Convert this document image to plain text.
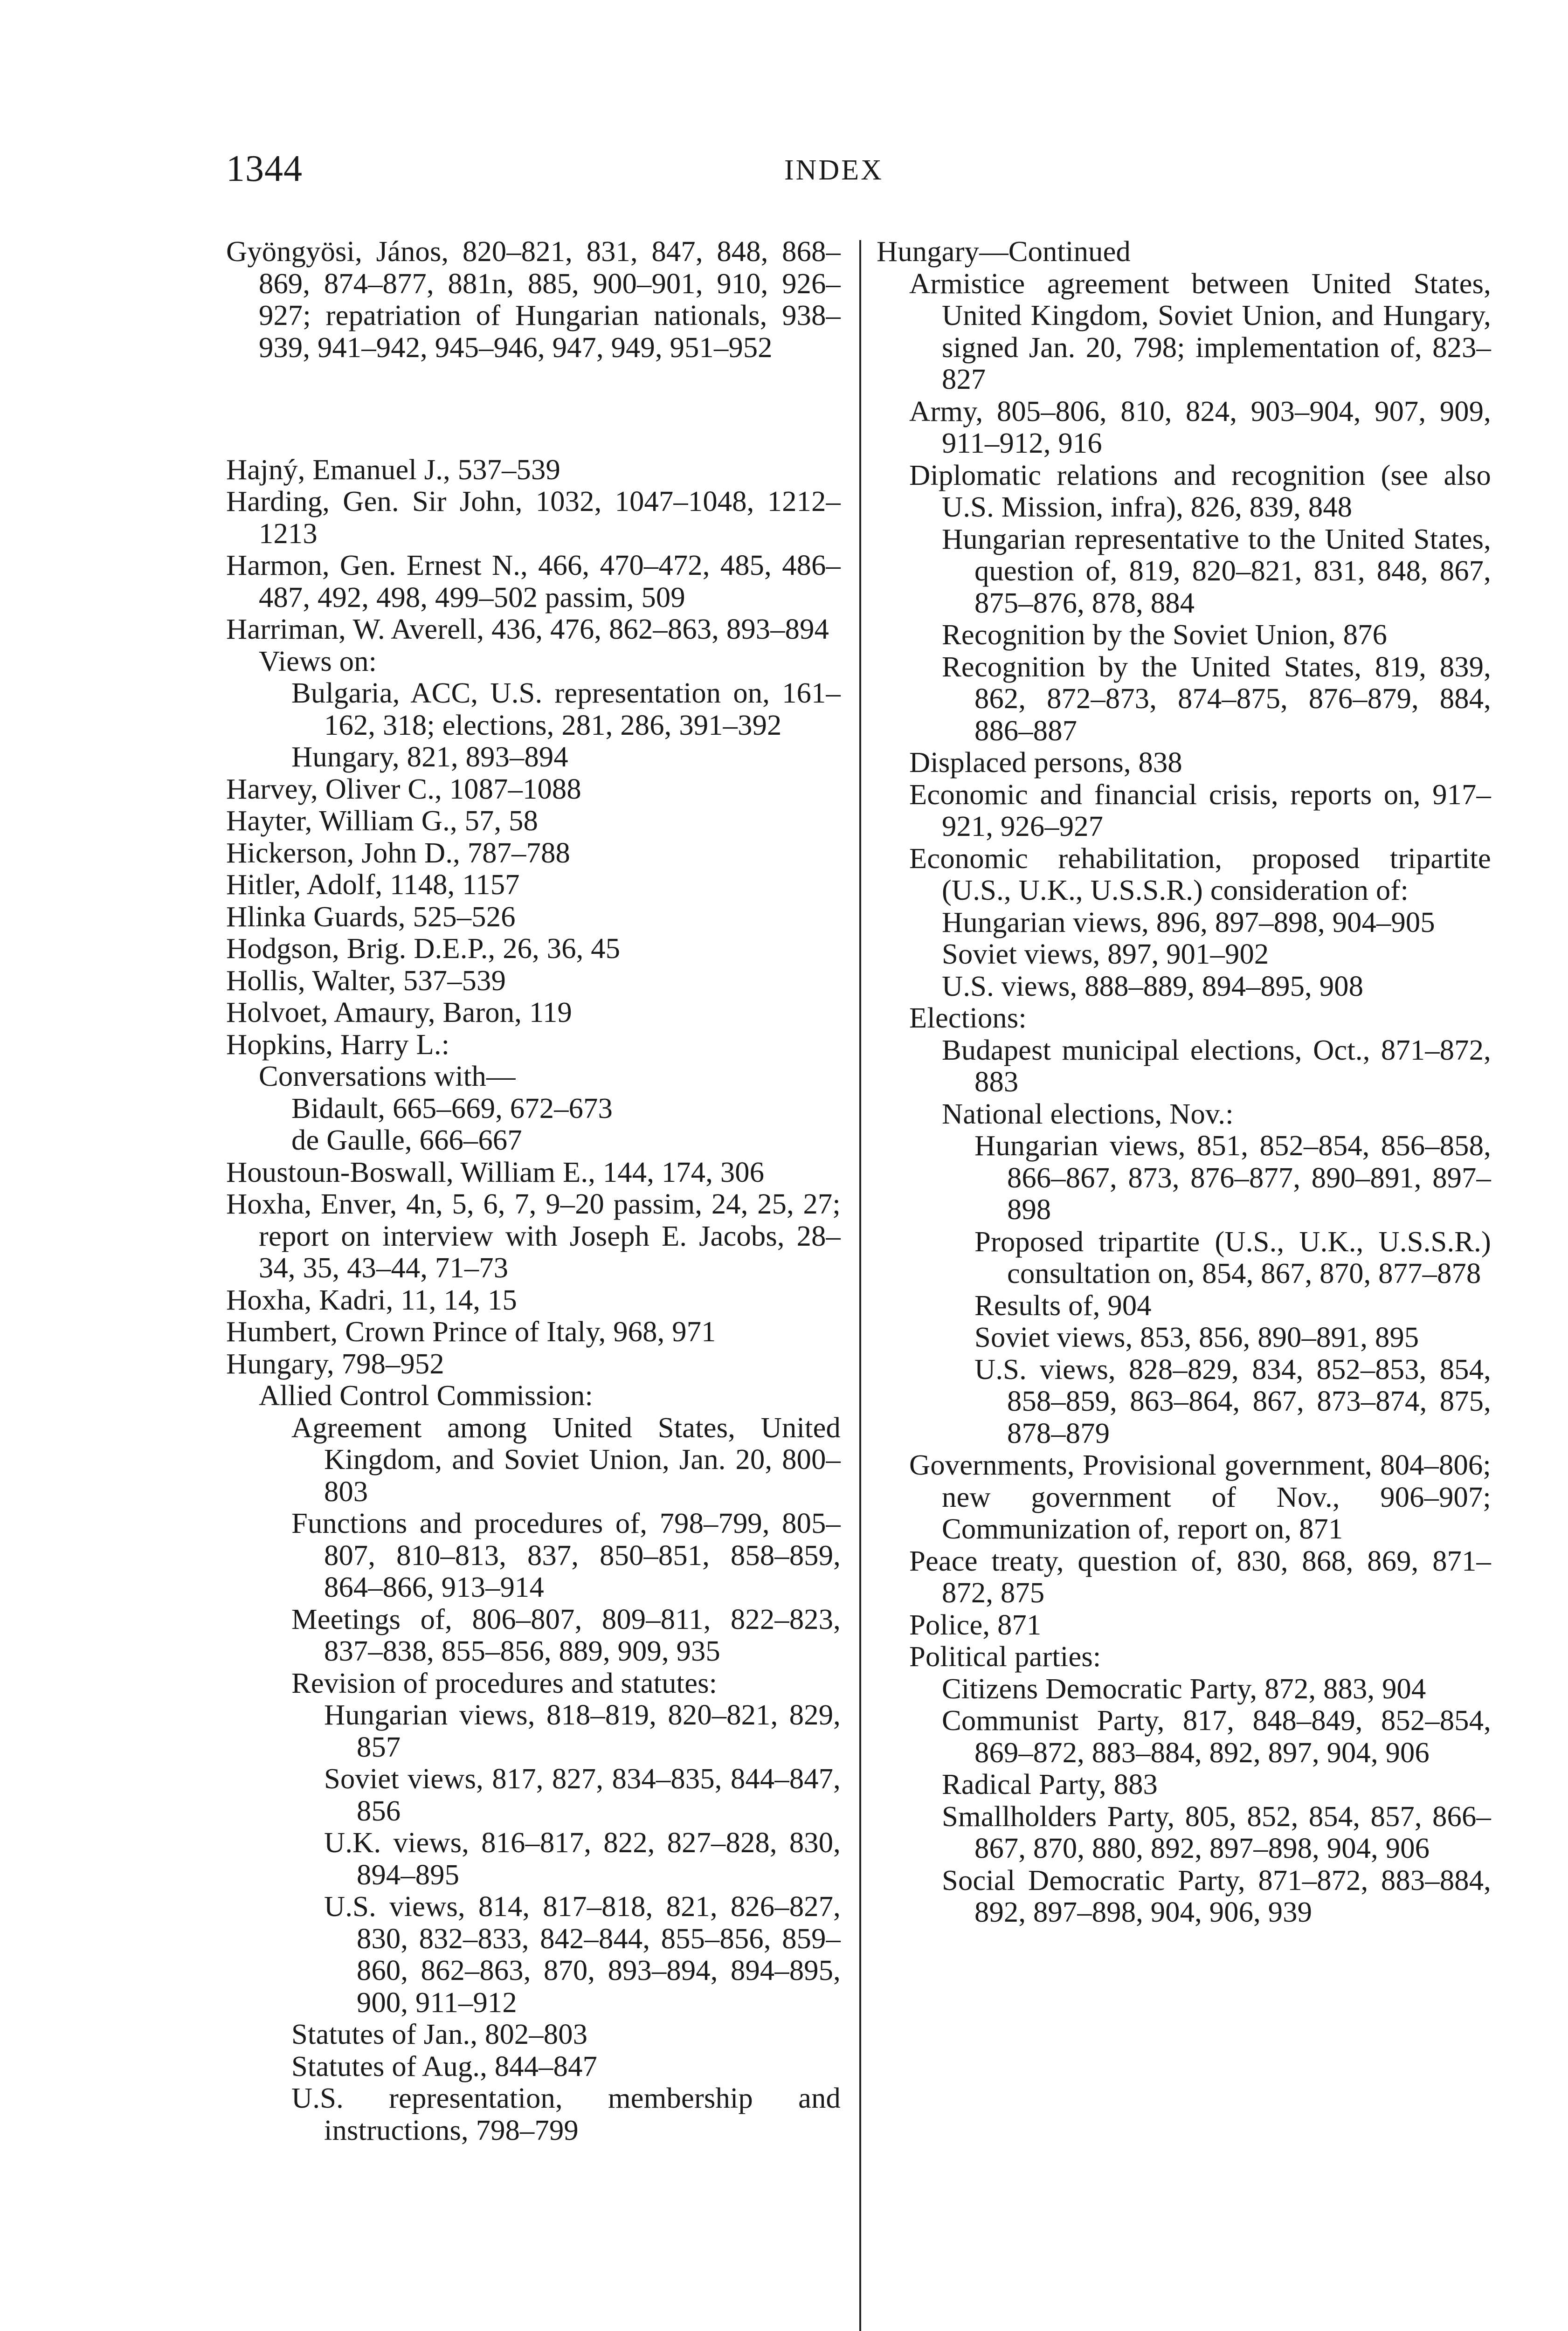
1344	INDEX

Gyöngyösi, János, 820–821, 831, 847, 848, 868–869, 874–877, 881n, 885, 900–901, 910, 926–927; repatriation of Hungarian nationals, 938–939, 941–942, 945–946, 947, 949, 951–952

Hajný, Emanuel J., 537–539

Harding, Gen. Sir John, 1032, 1047–1048, 1212–1213

Harmon, Gen. Ernest N., 466, 470–472, 485, 486–487, 492, 498, 499–502 passim, 509

Harriman, W. Averell, 436, 476, 862–863, 893–894

Views on:

Bulgaria, ACC, U.S. representation on, 161–162, 318; elections, 281, 286, 391–392

Hungary, 821, 893–894

Harvey, Oliver C., 1087–1088

Hayter, William G., 57, 58

Hickerson, John D., 787–788

Hitler, Adolf, 1148, 1157

Hlinka Guards, 525–526

Hodgson, Brig. D.E.P., 26, 36, 45

Hollis, Walter, 537–539

Holvoet, Amaury, Baron, 119

Hopkins, Harry L.:

Conversations with—

Bidault, 665–669, 672–673

de Gaulle, 666–667

Houstoun-Boswall, William E., 144, 174, 306

Hoxha, Enver, 4n, 5, 6, 7, 9–20 passim, 24, 25, 27; report on interview with Joseph E. Jacobs, 28–34, 35, 43–44, 71–73

Hoxha, Kadri, 11, 14, 15

Humbert, Crown Prince of Italy, 968, 971

Hungary, 798–952

Allied Control Commission:

Agreement among United States, United Kingdom, and Soviet Union, Jan. 20, 800–803

Functions and procedures of, 798–799, 805–807, 810–813, 837, 850–851, 858–859, 864–866, 913–914

Meetings of, 806–807, 809–811, 822–823, 837–838, 855–856, 889, 909, 935

Revision of procedures and statutes:

Hungarian views, 818–819, 820–821, 829, 857

Soviet views, 817, 827, 834–835, 844–847, 856

U.K. views, 816–817, 822, 827–828, 830, 894–895

U.S. views, 814, 817–818, 821, 826–827, 830, 832–833, 842–844, 855–856, 859–860, 862–863, 870, 893–894, 894–895, 900, 911–912

Statutes of Jan., 802–803

Statutes of Aug., 844–847

U.S. representation, membership and instructions, 798–799

Hungary—Continued

Armistice agreement between United States, United Kingdom, Soviet Union, and Hungary, signed Jan. 20, 798; implementation of, 823–827

Army, 805–806, 810, 824, 903–904, 907, 909, 911–912, 916

Diplomatic relations and recognition (see also U.S. Mission, infra), 826, 839, 848

Hungarian representative to the United States, question of, 819, 820–821, 831, 848, 867, 875–876, 878, 884

Recognition by the Soviet Union, 876

Recognition by the United States, 819, 839, 862, 872–873, 874–875, 876–879, 884, 886–887

Displaced persons, 838

Economic and financial crisis, reports on, 917–921, 926–927

Economic rehabilitation, proposed tripartite (U.S., U.K., U.S.S.R.) consideration of:

Hungarian views, 896, 897–898, 904–905

Soviet views, 897, 901–902

U.S. views, 888–889, 894–895, 908

Elections:

Budapest municipal elections, Oct., 871–872, 883

National elections, Nov.:

Hungarian views, 851, 852–854, 856–858, 866–867, 873, 876–877, 890–891, 897–898

Proposed tripartite (U.S., U.K., U.S.S.R.) consultation on, 854, 867, 870, 877–878

Results of, 904

Soviet views, 853, 856, 890–891, 895

U.S. views, 828–829, 834, 852–853, 854, 858–859, 863–864, 867, 873–874, 875, 878–879

Governments, Provisional government, 804–806; new government of Nov., 906–907; Communization of, report on, 871

Peace treaty, question of, 830, 868, 869, 871–872, 875

Police, 871

Political parties:

Citizens Democratic Party, 872, 883, 904

Communist Party, 817, 848–849, 852–854, 869–872, 883–884, 892, 897, 904, 906

Radical Party, 883

Smallholders Party, 805, 852, 854, 857, 866–867, 870, 880, 892, 897–898, 904, 906

Social Democratic Party, 871–872, 883–884, 892, 897–898, 904, 906, 939
